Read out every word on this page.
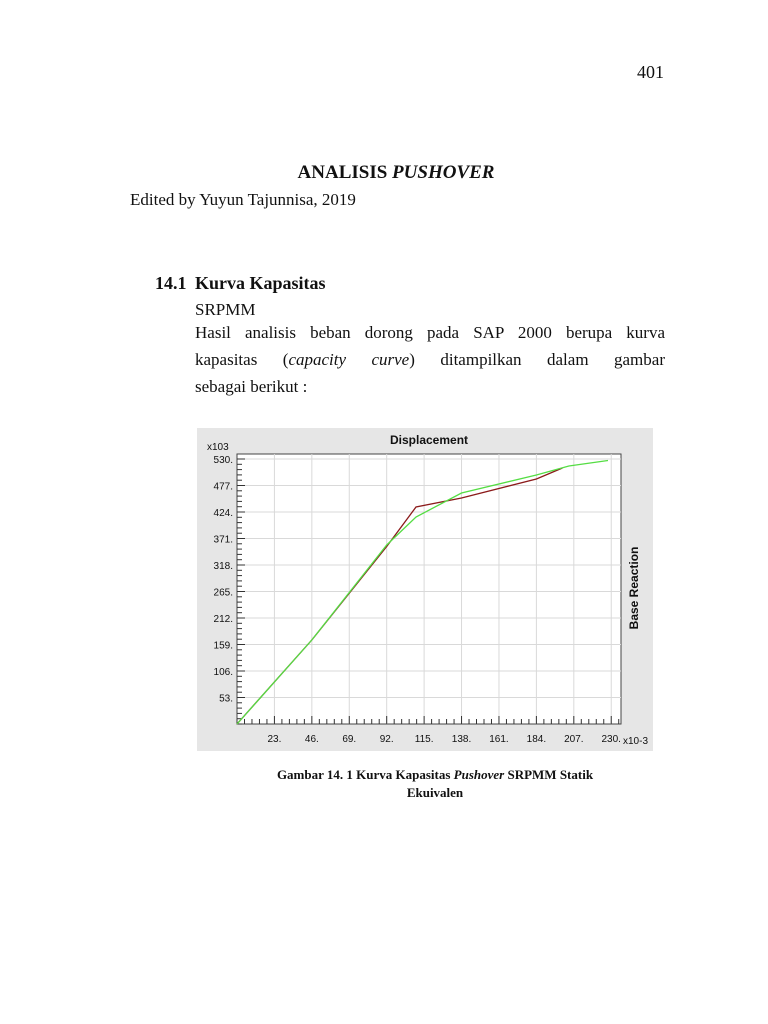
401
ANALISIS PUSHOVER
Edited by Yuyun Tajunnisa, 2019
14.1 Kurva Kapasitas
SRPMM
Hasil analisis beban dorong pada SAP 2000 berupa kurva
kapasitas (capacity curve) ditampilkan dalam gambar
sebagai berikut :
23. 46. 69. 92. 115. 138. 161. 184. 207. 230.
53.
106.
159.
212.
265.
318.
371.
424.
477.
530.
Displacement
x103
x10-3
Base Reaction
Gambar 14. 1 Kurva Kapasitas Pushover SRPMM Statik
Ekuivalen
